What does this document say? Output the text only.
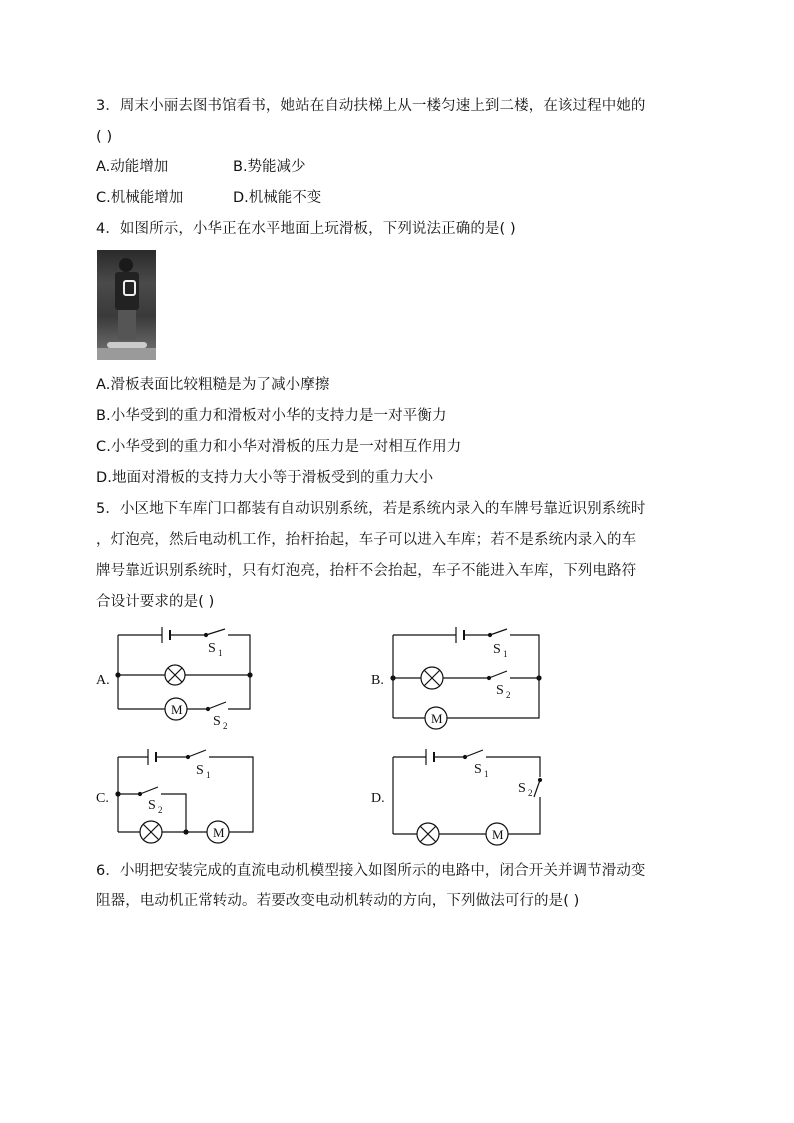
3．周末小丽去图书馆看书，她站在自动扶梯上从一楼匀速上到二楼，在该过程中她的
( )
A.动能增加	B.势能减少
C.机械能增加	D.机械能不变
4．如图所示，小华正在水平地面上玩滑板，下列说法正确的是( )
A.滑板表面比较粗糙是为了减小摩擦
B.小华受到的重力和滑板对小华的支持力是一对平衡力
C.小华受到的重力和小华对滑板的压力是一对相互作用力
D.地面对滑板的支持力大小等于滑板受到的重力大小
5．小区地下车库门口都装有自动识别系统，若是系统内录入的车牌号靠近识别系统时
，灯泡亮，然后电动机工作，抬杆抬起，车子可以进入车库；若不是系统内录入的车
牌号靠近识别系统时，只有灯泡亮，抬杆不会抬起，车子不能进入车库，下列电路符
合设计要求的是( )
A.
S 1
S 2
M
B.
S 1
S 2
M
C.
S 1
S 2
M
D.
S 1
S 2
M
6．小明把安装完成的直流电动机模型接入如图所示的电路中，闭合开关并调节滑动变
阻器，电动机正常转动。若要改变电动机转动的方向，下列做法可行的是( )
